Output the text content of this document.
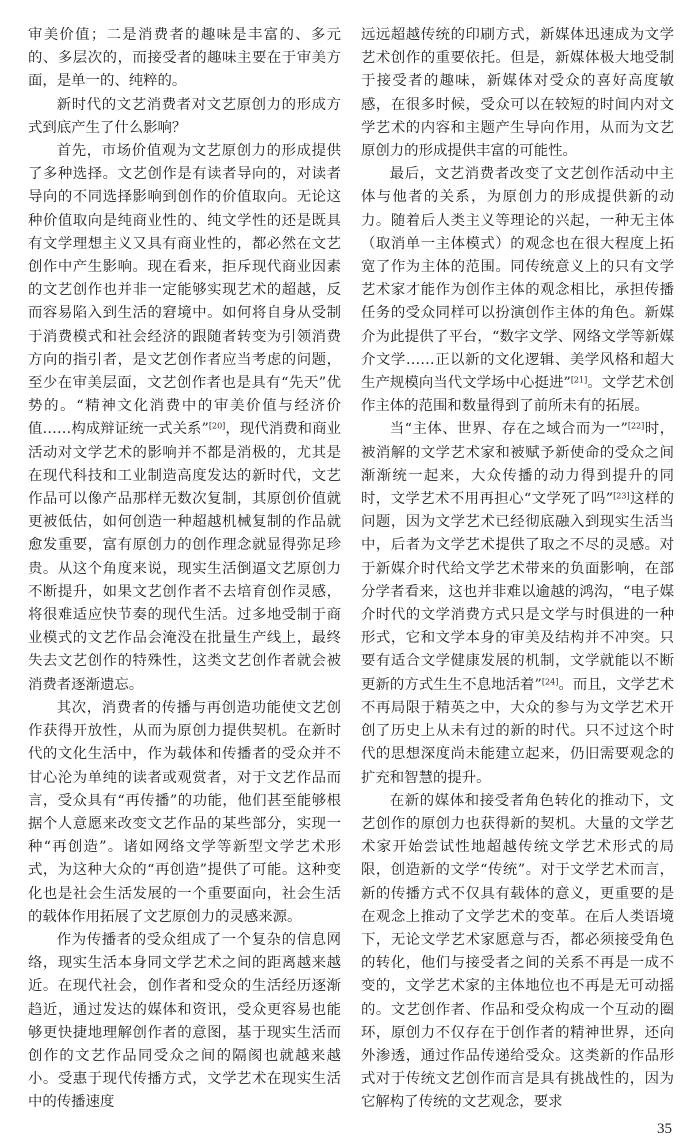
审美价值；二是消费者的趣味是丰富的、多元的、多层次的，而接受者的趣味主要在于审美方面，是单一的、纯粹的。

新时代的文艺消费者对文艺原创力的形成方式到底产生了什么影响？

首先，市场价值观为文艺原创力的形成提供了多种选择。文艺创作是有读者导向的，对读者导向的不同选择影响到创作的价值取向。无论这种价值取向是纯商业性的、纯文学性的还是既具有文学理想主义又具有商业性的，都必然在文艺创作中产生影响。现在看来，拒斥现代商业因素的文艺创作也并非一定能够实现艺术的超越，反而容易陷入到生活的窘境中。如何将自身从受制于消费模式和社会经济的跟随者转变为引领消费方向的指引者，是文艺创作者应当考虑的问题，至少在审美层面，文艺创作者也是具有“先天”优势的。“精神文化消费中的审美价值与经济价值……构成辩证统一式关系”[20]，现代消费和商业活动对文学艺术的影响并不都是消极的，尤其是在现代科技和工业制造高度发达的新时代，文艺作品可以像产品那样无数次复制，其原创价值就更被低估，如何创造一种超越机械复制的作品就愈发重要，富有原创力的创作理念就显得弥足珍贵。从这个角度来说，现实生活倒逼文艺原创力不断提升，如果文艺创作者不去培育创作灵感，将很难适应快节奏的现代生活。过多地受制于商业模式的文艺作品会淹没在批量生产线上，最终失去文艺创作的特殊性，这类文艺创作者就会被消费者逐渐遗忘。

其次，消费者的传播与再创造功能使文艺创作获得开放性，从而为原创力提供契机。在新时代的文化生活中，作为载体和传播者的受众并不甘心沦为单纯的读者或观赏者，对于文艺作品而言，受众具有“再传播”的功能，他们甚至能够根据个人意愿来改变文艺作品的某些部分，实现一种“再创造”。诸如网络文学等新型文学艺术形式，为这种大众的“再创造”提供了可能。这种变化也是社会生活发展的一个重要面向，社会生活的载体作用拓展了文艺原创力的灵感来源。

作为传播者的受众组成了一个复杂的信息网络，现实生活本身同文学艺术之间的距离越来越近。在现代社会，创作者和受众的生活经历逐渐趋近，通过发达的媒体和资讯，受众更容易也能够更快捷地理解创作者的意图，基于现实生活而创作的文艺作品同受众之间的隔阂也就越来越小。受惠于现代传播方式，文学艺术在现实生活中的传播速度

远远超越传统的印刷方式，新媒体迅速成为文学艺术创作的重要依托。但是，新媒体极大地受制于接受者的趣味，新媒体对受众的喜好高度敏感，在很多时候，受众可以在较短的时间内对文学艺术的内容和主题产生导向作用，从而为文艺原创力的形成提供丰富的可能性。

最后，文艺消费者改变了文艺创作活动中主体与他者的关系，为原创力的形成提供新的动力。随着后人类主义等理论的兴起，一种无主体（取消单一主体模式）的观念也在很大程度上拓宽了作为主体的范围。同传统意义上的只有文学艺术家才能作为创作主体的观念相比，承担传播任务的受众同样可以扮演创作主体的角色。新媒介为此提供了平台，“数字文学、网络文学等新媒介文学……正以新的文化逻辑、美学风格和超大生产规模向当代文学场中心挺进”[21]。文学艺术创作主体的范围和数量得到了前所未有的拓展。

当“主体、世界、存在之域合而为一”[22]时，被消解的文学艺术家和被赋予新使命的受众之间渐渐统一起来，大众传播的动力得到提升的同时，文学艺术不用再担心“文学死了吗”[23]这样的问题，因为文学艺术已经彻底融入到现实生活当中，后者为文学艺术提供了取之不尽的灵感。对于新媒介时代给文学艺术带来的负面影响，在部分学者看来，这也并非难以逾越的鸿沟，“电子媒介时代的文学消费方式只是文学与时俱进的一种形式，它和文学本身的审美及结构并不冲突。只要有适合文学健康发展的机制，文学就能以不断更新的方式生生不息地活着”[24]。而且，文学艺术不再局限于精英之中，大众的参与为文学艺术开创了历史上从未有过的新的时代。只不过这个时代的思想深度尚未能建立起来，仍旧需要观念的扩充和智慧的提升。

在新的媒体和接受者角色转化的推动下，文艺创作的原创力也获得新的契机。大量的文学艺术家开始尝试性地超越传统文学艺术形式的局限，创造新的文学“传统”。对于文学艺术而言，新的传播方式不仅具有载体的意义，更重要的是在观念上推动了文学艺术的变革。在后人类语境下，无论文学艺术家愿意与否，都必须接受角色的转化，他们与接受者之间的关系不再是一成不变的，文学艺术家的主体地位也不再是无可动摇的。文艺创作者、作品和受众构成一个互动的圈环，原创力不仅存在于创作者的精神世界，还向外渗透，通过作品传递给受众。这类新的作品形式对于传统文艺创作而言是具有挑战性的，因为它解构了传统的文艺观念，要求

35
